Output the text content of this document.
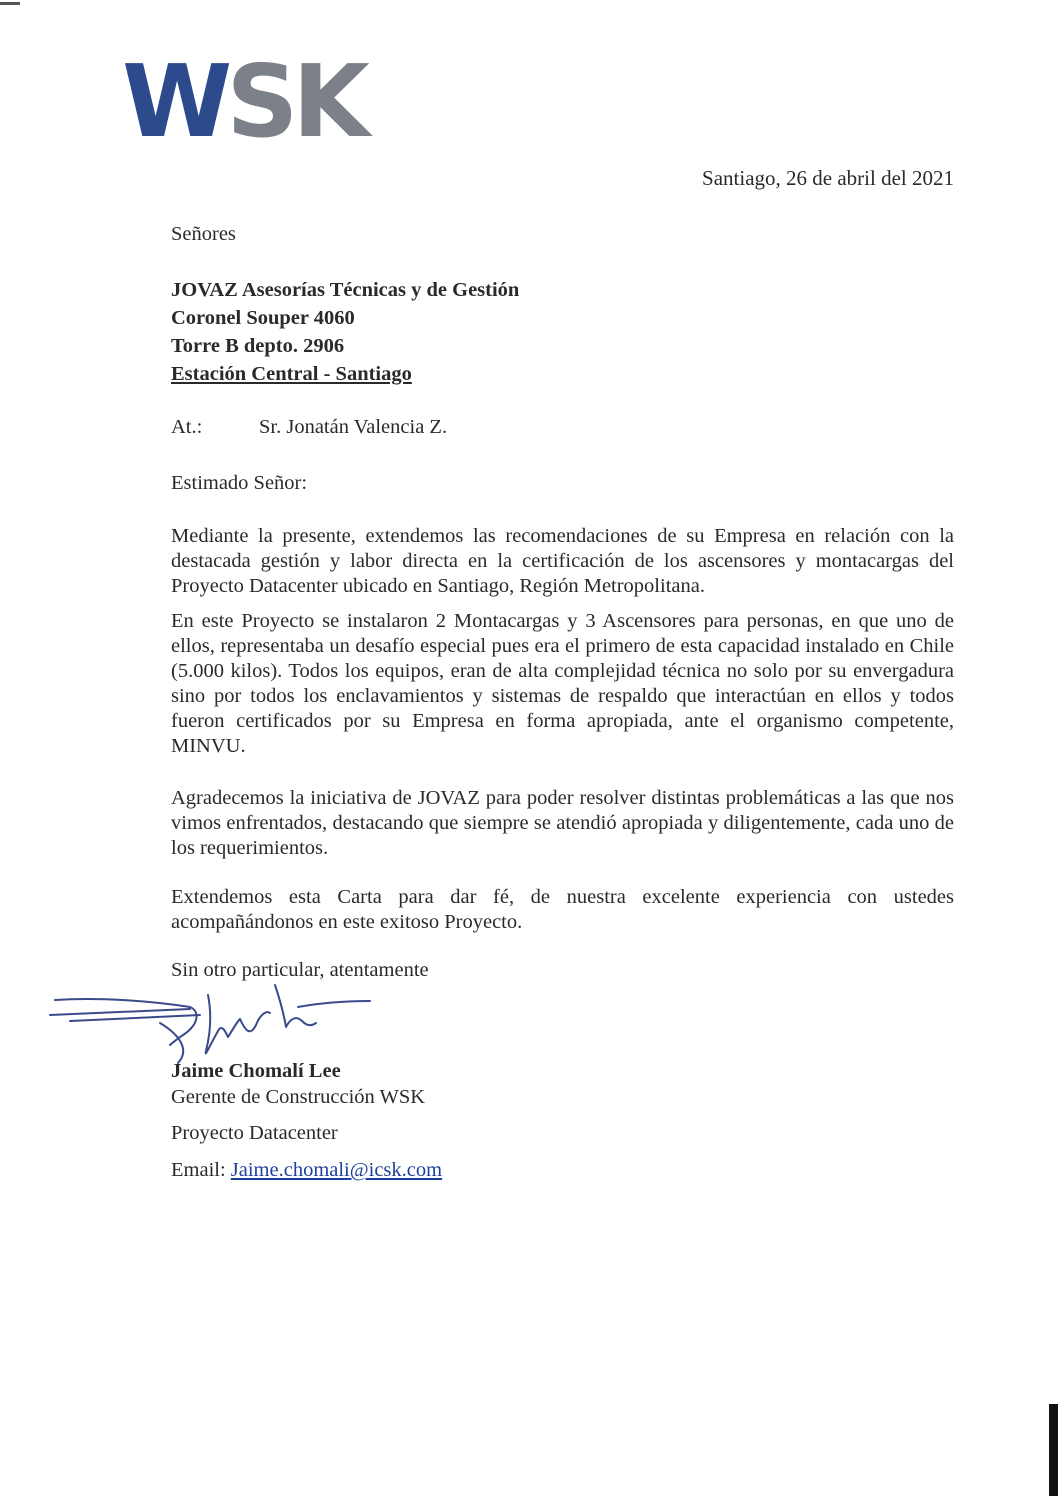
WSK
Santiago, 26 de abril del 2021
Señores
JOVAZ Asesorías Técnicas y de Gestión
Coronel Souper 4060
Torre B depto. 2906
Estación Central - Santiago
At.:	Sr. Jonatán Valencia Z.
Estimado Señor:
Mediante la presente, extendemos las recomendaciones de su Empresa en relación con la destacada gestión y labor directa en la certificación de los ascensores y montacargas del Proyecto Datacenter ubicado en Santiago, Región Metropolitana.
En este Proyecto se instalaron 2 Montacargas y 3 Ascensores para personas, en que uno de ellos, representaba un desafío especial pues era el primero de esta capacidad instalado en Chile (5.000 kilos). Todos los equipos, eran de alta complejidad técnica no solo por su envergadura sino por todos los enclavamientos y sistemas de respaldo que interactúan en ellos y todos fueron certificados por su Empresa en forma apropiada, ante el organismo competente, MINVU.
Agradecemos la iniciativa de JOVAZ para poder resolver distintas problemáticas a las que nos vimos enfrentados, destacando que siempre se atendió apropiada y diligentemente, cada uno de los requerimientos.
Extendemos esta Carta para dar fé, de nuestra excelente experiencia con ustedes acompañándonos en este exitoso Proyecto.
Sin otro particular, atentamente
Jaime Chomalí Lee
Gerente de Construcción WSK
Proyecto Datacenter
Email: Jaime.chomali@icsk.com
